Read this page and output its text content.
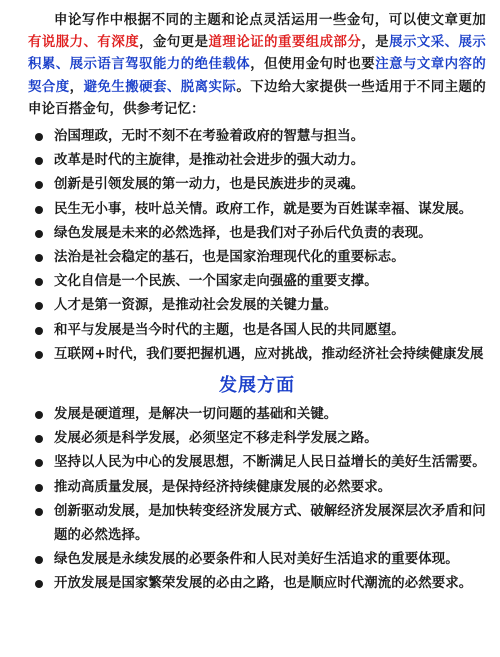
申论写作中根据不同的主题和论点灵活运用一些金句，可以使文章更加有说服力、有深度，金句更是道理论证的重要组成部分，是展示文采、展示积累、展示语言驾驭能力的绝佳载体，但使用金句时也要注意与文章内容的契合度，避免生搬硬套、脱离实际。下边给大家提供一些适用于不同主题的申论百搭金句，供参考记忆：

治国理政，无时不刻不在考验着政府的智慧与担当。
改革是时代的主旋律，是推动社会进步的强大动力。
创新是引领发展的第一动力，也是民族进步的灵魂。
民生无小事，枝叶总关情。政府工作，就是要为百姓谋幸福、谋发展。
绿色发展是未来的必然选择，也是我们对子孙后代负责的表现。
法治是社会稳定的基石，也是国家治理现代化的重要标志。
文化自信是一个民族、一个国家走向强盛的重要支撑。
人才是第一资源，是推动社会发展的关键力量。
和平与发展是当今时代的主题，也是各国人民的共同愿望。
互联网+时代，我们要把握机遇，应对挑战，推动经济社会持续健康发展
发展方面
发展是硬道理，是解决一切问题的基础和关键。
发展必须是科学发展，必须坚定不移走科学发展之路。
坚持以人民为中心的发展思想，不断满足人民日益增长的美好生活需要。
推动高质量发展，是保持经济持续健康发展的必然要求。
创新驱动发展，是加快转变经济发展方式、破解经济发展深层次矛盾和问题的必然选择。
绿色发展是永续发展的必要条件和人民对美好生活追求的重要体现。
开放发展是国家繁荣发展的必由之路，也是顺应时代潮流的必然要求。
